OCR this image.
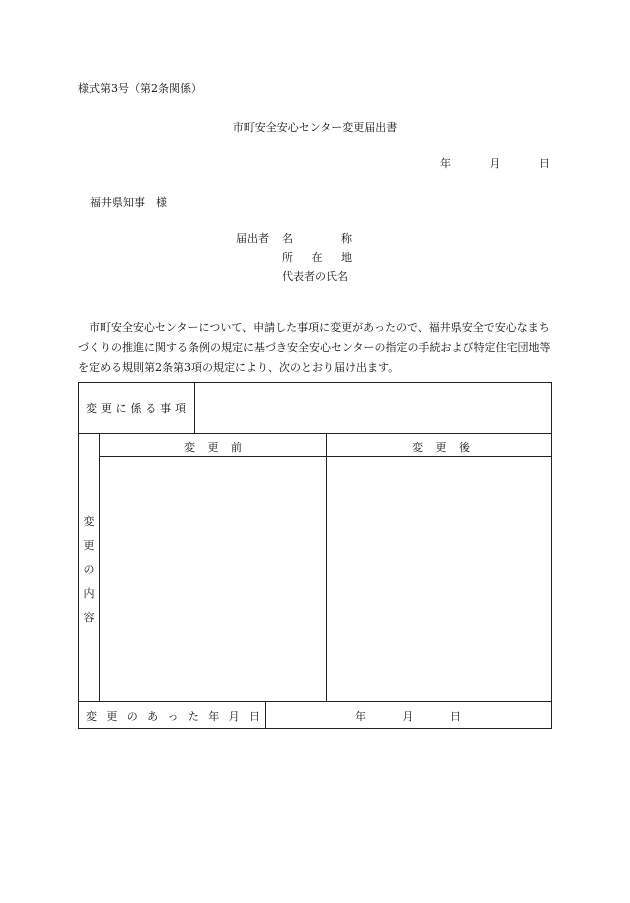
様式第3号（第2条関係）
市町安全安心センター変更届出書
年	月	日
福井県知事　様
届出者	名	称
所 在 地
代表者の氏名
市町安全安心センターについて、申請した事項に変更があったので、福井県安全で安心なまちづくりの推進に関する条例の規定に基づき安全安心センターの指定の手続および特定住宅団地等を定める規則第2条第3項の規定により、次のとおり届け出ます。
変 更 に 係 る 事 項
変 更 前	変 更 後
変
更
の
内
容
変 更 の あ っ た 年 月 日	年	月	日
